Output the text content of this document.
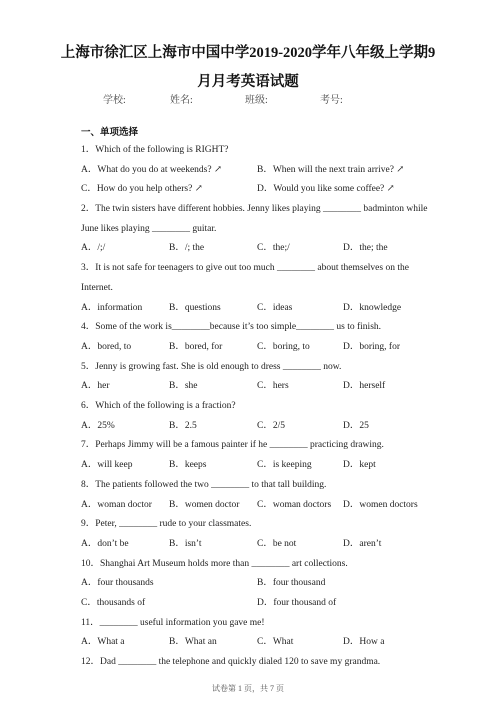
上海市徐汇区上海市中国中学2019-2020学年八年级上学期9
月月考英语试题
学校:	姓名:	班级:	考号:
一、单项选择
1．Which of the following is RIGHT?
A．What do you do at weekends? ↗	B．When will the next train arrive? ↗
C．How do you help others? ↗	D．Would you like some coffee? ↗
2．The twin sisters have different hobbies. Jenny likes playing ________ badminton while
June likes playing ________ guitar.
A．/;/	B．/; the	C．the;/	D．the; the
3．It is not safe for teenagers to give out too much ________ about themselves on the
Internet.
A．information	B．questions	C．ideas	D．knowledge
4．Some of the work is________because it’s too simple________ us to finish.
A．bored, to	B．bored, for	C．boring, to	D．boring, for
5．Jenny is growing fast. She is old enough to dress ________ now.
A．her	B．she	C．hers	D．herself
6．Which of the following is a fraction?
A．25%	B．2.5	C．2/5	D．25
7．Perhaps Jimmy will be a famous painter if he ________ practicing drawing.
A．will keep	B．keeps	C．is keeping	D．kept
8．The patients followed the two ________ to that tall building.
A．woman doctor B．women doctor C．woman doctors D．women doctors
9．Peter, ________ rude to your classmates.
A．don’t be	B．isn’t	C．be not	D．aren’t
10．Shanghai Art Museum holds more than ________ art collections.
A．four thousands	B．four thousand
C．thousands of	D．four thousand of
11．________ useful information you gave me!
A．What a	B．What an	C．What	D．How a
12．Dad ________ the telephone and quickly dialed 120 to save my grandma.
试卷第 1 页，共 7 页
